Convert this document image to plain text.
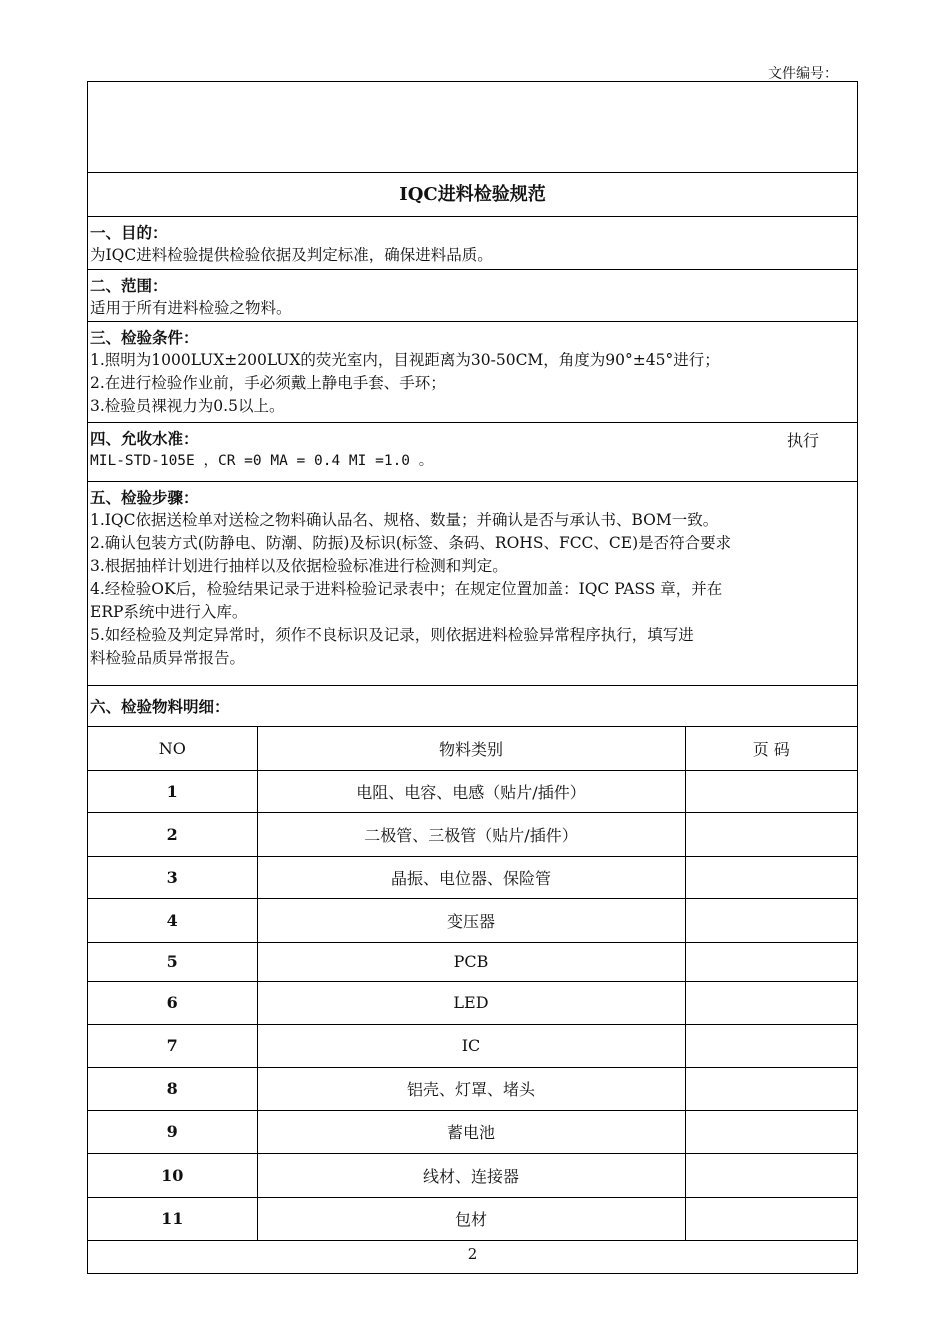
文件编号：
IQC进料检验规范
一、目的：
为IQC进料检验提供检验依据及判定标准，确保进料品质。
二、范围：
适用于所有进料检验之物料。
三、检验条件：
1.照明为1000LUX±200LUX的荧光室内，目视距离为30-50CM，角度为90°±45°进行；
2.在进行检验作业前，手必须戴上静电手套、手环；
3.检验员裸视力为0.5以上。
四、允收水准：	执行
MIL-STD-105E ，CR =0 MA = 0.4 MI =1.0 。
五、检验步骤：
1.IQC依据送检单对送检之物料确认品名、规格、数量；并确认是否与承认书、BOM一致。
2.确认包装方式(防静电、防潮、防振)及标识(标签、条码、ROHS、FCC、CE)是否符合要求
3.根据抽样计划进行抽样以及依据检验标准进行检测和判定。
4.经检验OK后，检验结果记录于进料检验记录表中；在规定位置加盖：IQC PASS 章，并在
ERP系统中进行入库。
5.如经检验及判定异常时，须作不良标识及记录，则依据进料检验异常程序执行，填写进
料检验品质异常报告。
六、检验物料明细：
NO	物料类别	页 码
1	电阻、电容、电感（贴片/插件）	
2	二极管、三极管（贴片/插件）	
3	晶振、电位器、保险管	
4	变压器	
5	PCB	
6	LED	
7	IC	
8	铝壳、灯罩、堵头	
9	蓄电池	
10	线材、连接器	
11	包材	
2
